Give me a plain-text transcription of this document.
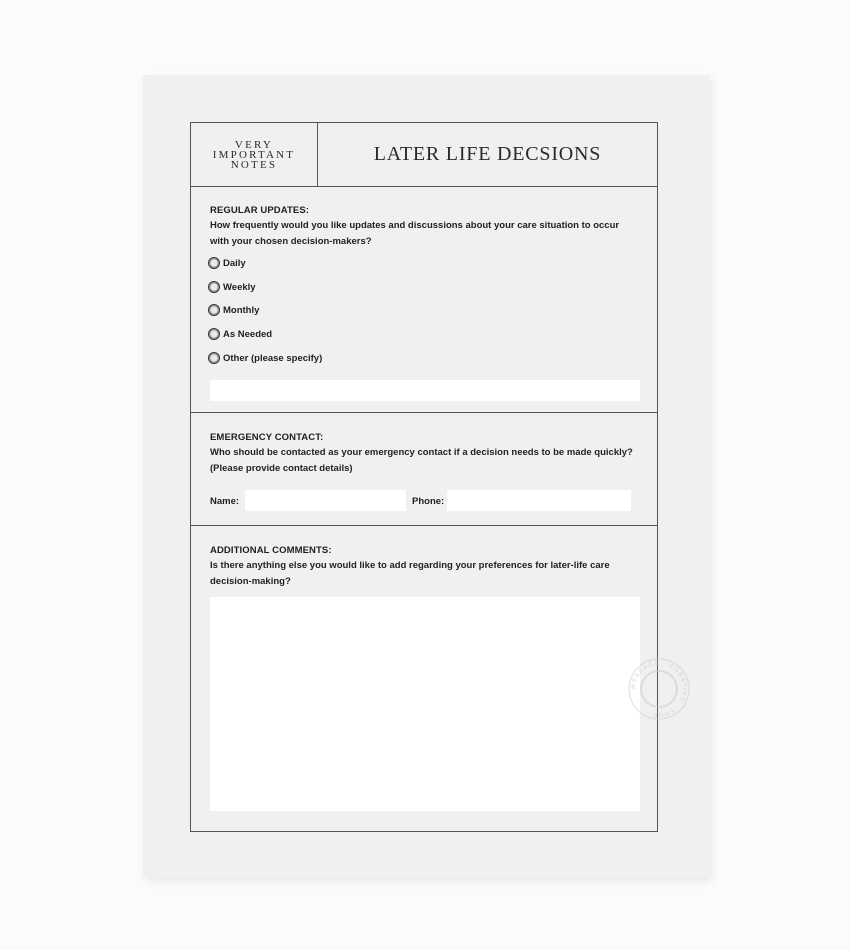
VERY
IMPORTANT
NOTES	LATER LIFE DECSIONS
REGULAR UPDATES:
How frequently would you like updates and discussions about your care situation to occur with your chosen decision-makers?
Daily
Weekly
Monthly
As Needed
Other (please specify)
EMERGENCY CONTACT:
Who should be contacted as your emergency contact if a decision needs to be made quickly? (Please provide contact details)
Name:	Phone:
ADDITIONAL COMMENTS:
Is there anything else you would like to add regarding your preferences for later-life care decision-making?
MESSAGE · CURATING · YOUR ·
